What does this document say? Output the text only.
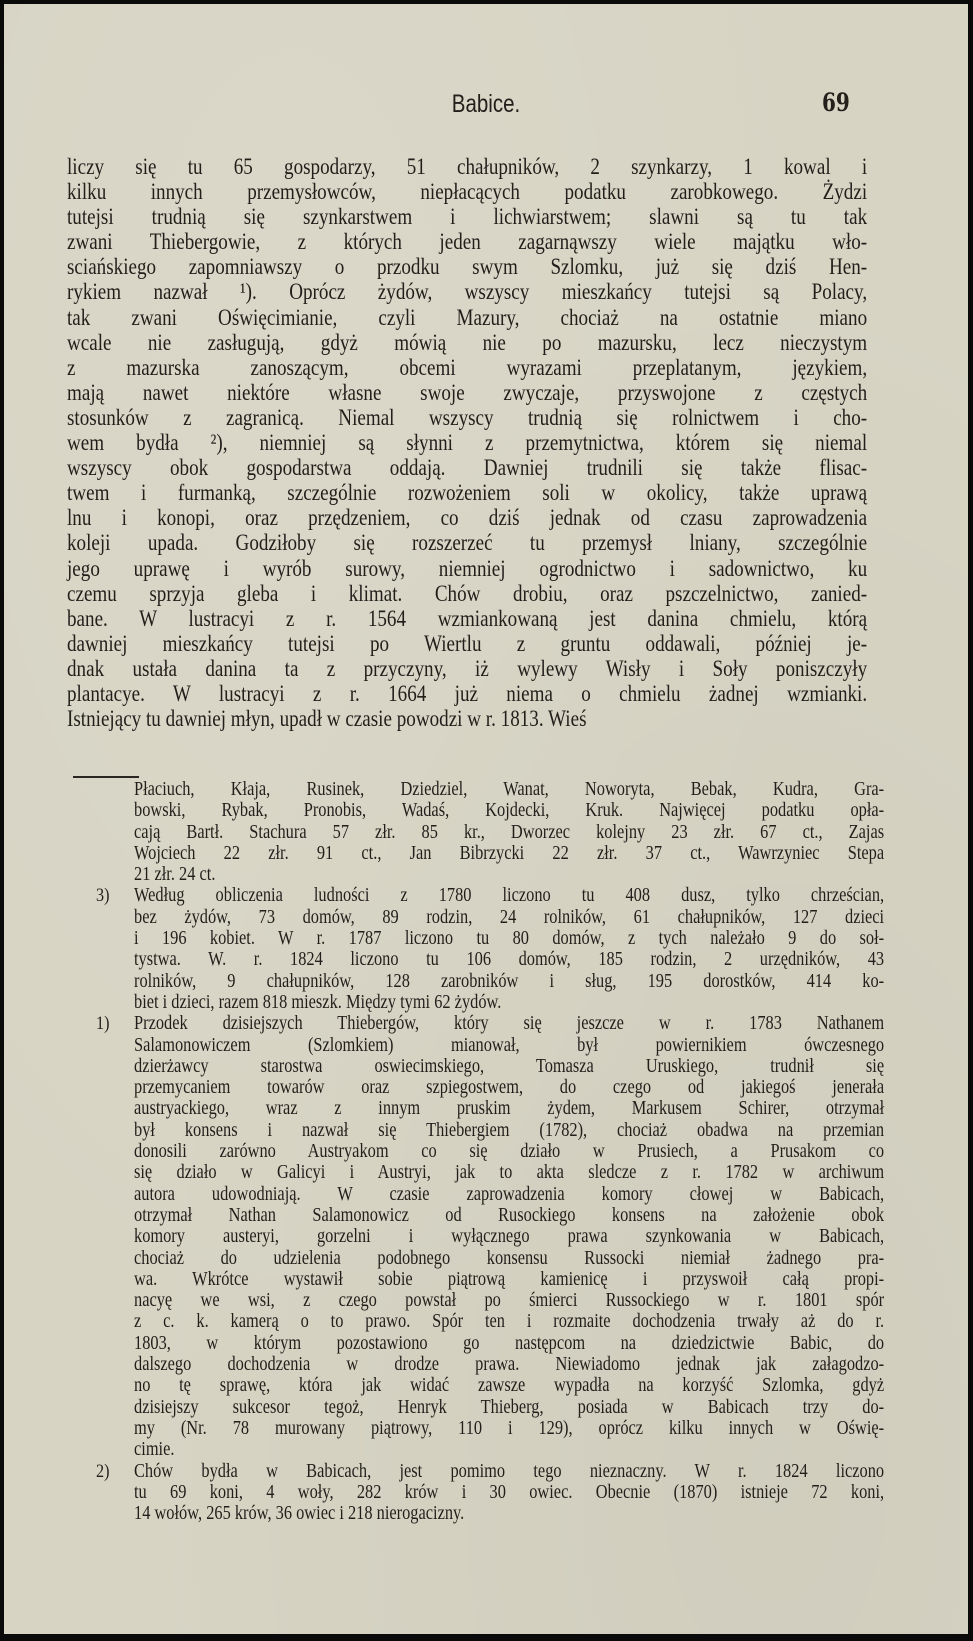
Babice.	69
liczy się tu 65 gospodarzy, 51 chałupników, 2 szynkarzy, 1 kowal i
kilku innych przemysłowców, niepłacących podatku zarobkowego. Żydzi
tutejsi trudnią się szynkarstwem i lichwiarstwem; slawni są tu tak
zwani Thiebergowie, z których jeden zagarnąwszy wiele majątku wło-
sciańskiego zapomniawszy o przodku swym Szlomku, już się dziś Hen-
rykiem nazwał ¹). Oprócz żydów, wszyscy mieszkańcy tutejsi są Polacy,
tak zwani Oświęcimianie, czyli Mazury, chociaż na ostatnie miano
wcale nie zasługują, gdyż mówią nie po mazursku, lecz nieczystym
z mazurska zanoszącym, obcemi wyrazami przeplatanym, językiem,
mają nawet niektóre własne swoje zwyczaje, przyswojone z częstych
stosunków z zagranicą. Niemal wszyscy trudnią się rolnictwem i cho-
wem bydła ²), niemniej są słynni z przemytnictwa, którem się niemal
wszyscy obok gospodarstwa oddają. Dawniej trudnili się także flisac-
twem i furmanką, szczególnie rozwożeniem soli w okolicy, także uprawą
lnu i konopi, oraz przędzeniem, co dziś jednak od czasu zaprowadzenia
koleji upada. Godziłoby się rozszerzeć tu przemysł lniany, szczególnie
jego uprawę i wyrób surowy, niemniej ogrodnictwo i sadownictwo, ku
czemu sprzyja gleba i klimat. Chów drobiu, oraz pszczelnictwo, zanied-
bane. W lustracyi z r. 1564 wzmiankowaną jest danina chmielu, którą
dawniej mieszkańcy tutejsi po Wiertlu z gruntu oddawali, później je-
dnak ustała danina ta z przyczyny, iż wylewy Wisły i Soły poniszczyły
plantacye. W lustracyi z r. 1664 już niema o chmielu żadnej wzmianki.
Istniejący tu dawniej młyn, upadł w czasie powodzi w r. 1813. Wieś
Płaciuch, Kłaja, Rusinek, Dziedziel, Wanat, Noworyta, Bebak, Kudra, Gra-
bowski, Rybak, Pronobis, Wadaś, Kojdecki, Kruk. Najwięcej podatku opła-
cają Bartł. Stachura 57 złr. 85 kr., Dworzec kolejny 23 złr. 67 ct., Zajas
Wojciech 22 złr. 91 ct., Jan Bibrzycki 22 złr. 37 ct., Wawrzyniec Stepa
21 złr. 24 ct.
3) Według obliczenia ludności z 1780 liczono tu 408 dusz, tylko chrześcian,
bez żydów, 73 domów, 89 rodzin, 24 rolników, 61 chałupników, 127 dzieci
i 196 kobiet. W r. 1787 liczono tu 80 domów, z tych należało 9 do soł-
tystwa. W. r. 1824 liczono tu 106 domów, 185 rodzin, 2 urzędników, 43
rolników, 9 chałupników, 128 zarobników i sług, 195 dorostków, 414 ko-
biet i dzieci, razem 818 mieszk. Między tymi 62 żydów.
1) Przodek dzisiejszych Thiebergów, który się jeszcze w r. 1783 Nathanem
Salamonowiczem (Szlomkiem) mianował, był powiernikiem ówczesnego
dzierżawcy starostwa oswiecimskiego, Tomasza Uruskiego, trudnił się
przemycaniem towarów oraz szpiegostwem, do czego od jakiegoś jenerała
austryackiego, wraz z innym pruskim żydem, Markusem Schirer, otrzymał
był konsens i nazwał się Thiebergiem (1782), chociaż obadwa na przemian
donosili zarówno Austryakom co się działo w Prusiech, a Prusakom co
się działo w Galicyi i Austryi, jak to akta sledcze z r. 1782 w archiwum
autora udowodniają. W czasie zaprowadzenia komory cłowej w Babicach,
otrzymał Nathan Salamonowicz od Rusockiego konsens na założenie obok
komory austeryi, gorzelni i wyłącznego prawa szynkowania w Babicach,
chociaż do udzielenia podobnego konsensu Russocki niemiał żadnego pra-
wa. Wkrótce wystawił sobie piątrową kamienicę i przyswoił całą propi-
nacyę we wsi, z czego powstał po śmierci Russockiego w r. 1801 spór
z c. k. kamerą o to prawo. Spór ten i rozmaite dochodzenia trwały aż do r.
1803, w którym pozostawiono go następcom na dziedzictwie Babic, do
dalszego dochodzenia w drodze prawa. Niewiadomo jednak jak załagodzo-
no tę sprawę, która jak widać zawsze wypadła na korzyść Szlomka, gdyż
dzisiejszy sukcesor tegoż, Henryk Thieberg, posiada w Babicach trzy do-
my (Nr. 78 murowany piątrowy, 110 i 129), oprócz kilku innych w Oświę-
cimie.
2) Chów bydła w Babicach, jest pomimo tego nieznaczny. W r. 1824 liczono
tu 69 koni, 4 woły, 282 krów i 30 owiec. Obecnie (1870) istnieje 72 koni,
14 wołów, 265 krów, 36 owiec i 218 nierogacizny.
